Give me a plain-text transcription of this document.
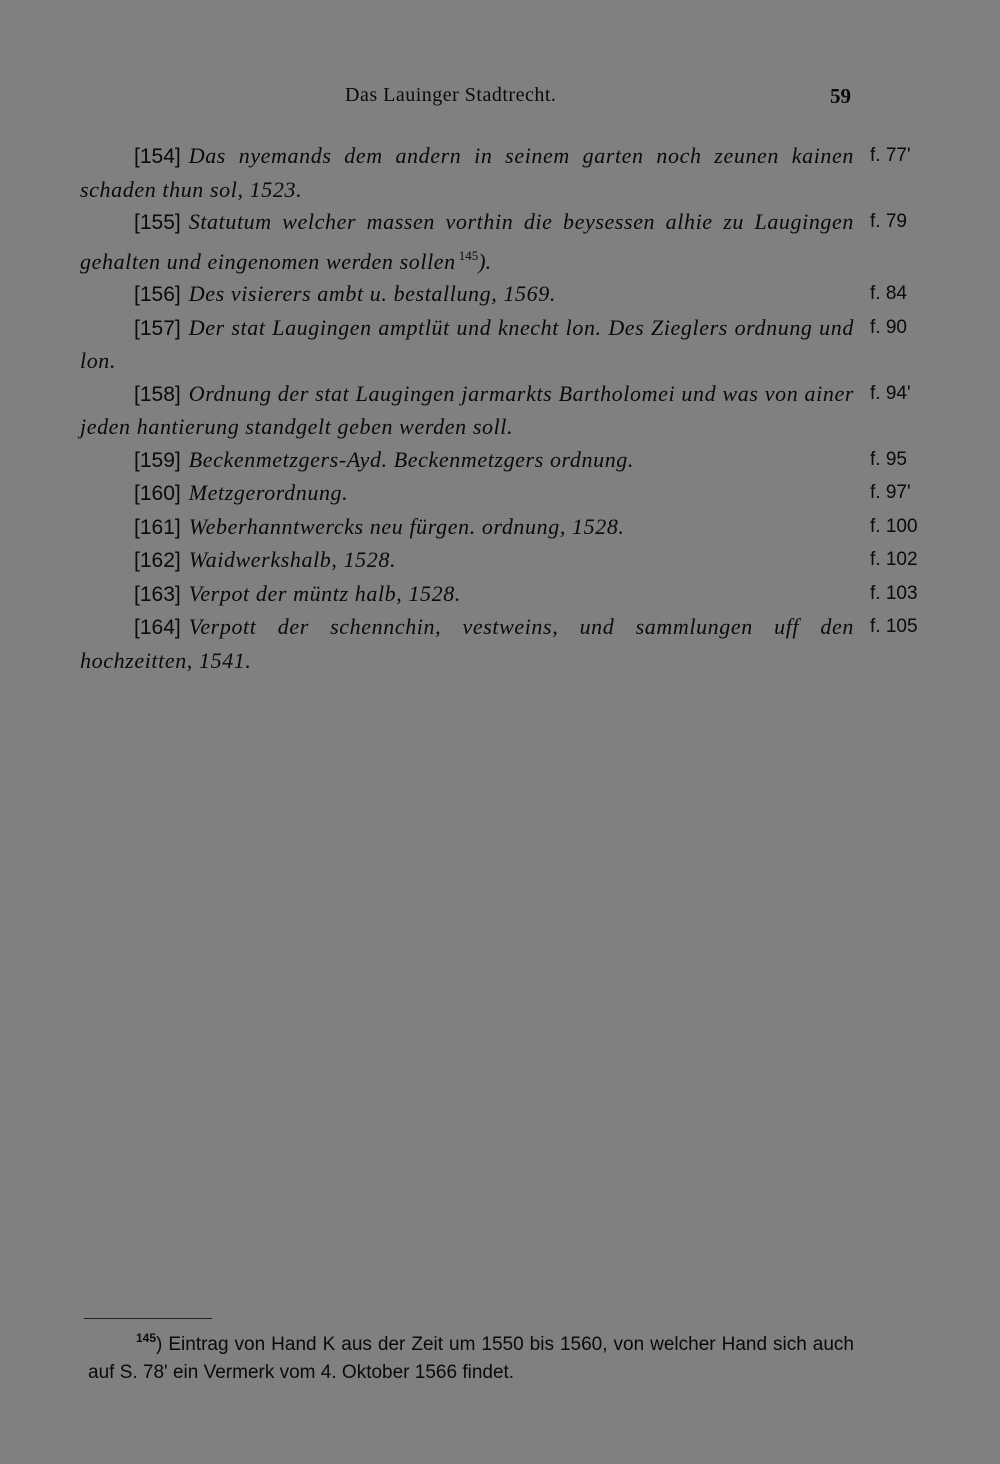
Das Lauinger Stadtrecht.	59
[154] Das nyemands dem andern in seinem garten noch zeunen kainen schaden thun sol, 1523.
f. 77'
[155] Statutum welcher massen vorthin die beysessen alhie zu Laugingen gehalten und eingenomen werden sollen $^{145}$).
f. 79
[156] Des visierers ambt u. bestallung, 1569.	f. 84
[157] Der stat Laugingen amptlüt und knecht lon. Des Zieglers ordnung und lon.
f. 90
[158] Ordnung der stat Laugingen jarmarkts Bartholomei und was von ainer jeden hantierung standgelt geben werden soll.
f. 94'
[159] Beckenmetzgers-Ayd. Beckenmetzgers ordnung.	f. 95
[160] Metzgerordnung.	f. 97'
[161] Weberhanntwercks neu fürgen. ordnung, 1528.	f. 100
[162] Waidwerkshalb, 1528.	f. 102
[163] Verpot der müntz halb, 1528.	f. 103
[164] Verpott der schennchin, vestweins, und sammlungen uff den hochzeitten, 1541.
f. 105
$^{145}$) Eintrag von Hand K aus der Zeit um 1550 bis 1560, von welcher Hand sich auch auf S. 78' ein Vermerk vom 4. Oktober 1566 findet.
